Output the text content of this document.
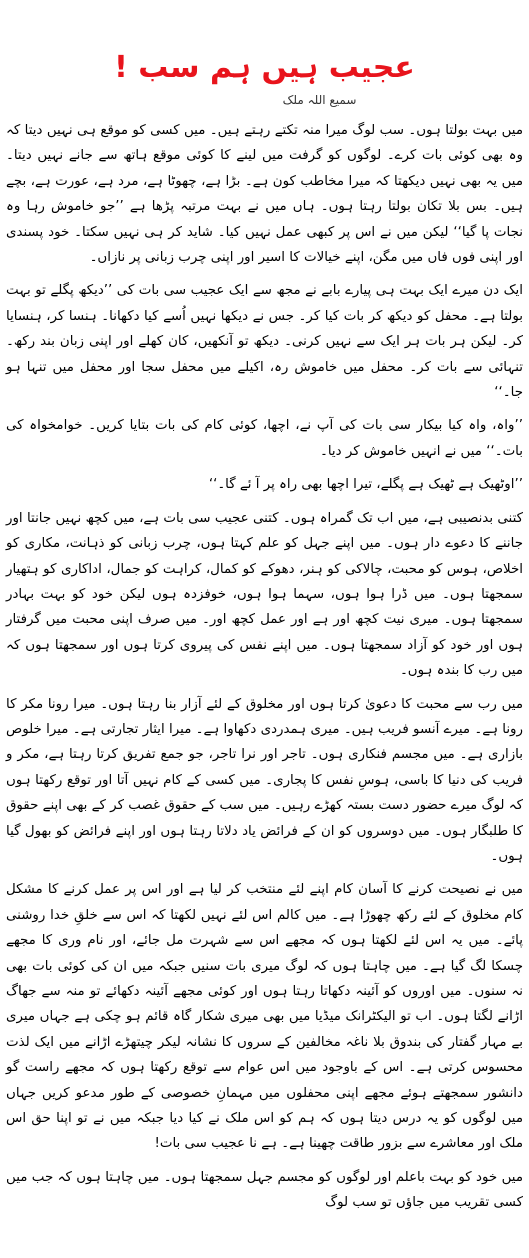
عجیب ہیں ہم سب !
سمیع اللہ ملک

میں بہت بولتا ہوں۔ سب لوگ میرا منہ تکتے رہتے ہیں۔ میں کسی کو موقع ہی نہیں دیتا کہ وہ بھی کوئی بات کرے۔ لوگوں کو گرفت میں لینے کا کوئی موقع ہاتھ سے جانے نہیں دیتا۔ میں یہ بھی نہیں دیکھتا کہ میرا مخاطب کون ہے۔ بڑا ہے، چھوٹا ہے، مرد ہے، عورت ہے، بچے ہیں۔ بس بلا تکان بولتا رہتا ہوں۔ ہاں میں نے بہت مرتبہ پڑھا ہے ’’جو خاموش رہا وہ نجات پا گیا‘‘ لیکن میں نے اس پر کبھی عمل نہیں کیا۔ شاید کر ہی نہیں سکتا۔ خود پسندی اور اپنی فوں فاں میں مگن، اپنے خیالات کا اسیر اور اپنی چرب زبانی پر نازاں۔

ایک دن میرے ایک بہت ہی پیارے بابے نے مجھ سے ایک عجیب سی بات کی ’’دیکھ پگلے تو بہت بولتا ہے۔ محفل کو دیکھ کر بات کیا کر۔ جس نے دیکھا نہیں اُسے کیا دکھانا۔ ہنسا کر، ہنسایا کر۔ لیکن ہر بات ہر ایک سے نہیں کرنی۔ دیکھ تو آنکھیں، کان کھلے اور اپنی زبان بند رکھ۔ تنہائی سے بات کر۔ محفل میں خاموش رہ، اکیلے میں محفل سجا اور محفل میں تنہا ہو جا۔‘‘

’’واہ، واہ کیا بیکار سی بات کی آپ نے، اچھا، کوئی کام کی بات بتایا کریں۔ خوامخواہ کی بات۔‘‘ میں نے انہیں خاموش کر دیا۔

’’اوٹھیک ہے ٹھیک ہے پگلے، تیرا اچھا بھی راہ پر آ ئے گا۔‘‘

کتنی بدنصیبی ہے، میں اب تک گمراہ ہوں۔ کتنی عجیب سی بات ہے، میں کچھ نہیں جانتا اور جاننے کا دعوے دار ہوں۔ میں اپنے جہل کو علم کہتا ہوں، چرب زبانی کو ذہانت، مکاری کو اخلاص، ہوس کو محبت، چالاکی کو ہنر، دھوکے کو کمال، کراہت کو جمال، اداکاری کو ہتھیار سمجھتا ہوں۔ میں ڈرا ہوا ہوں، سہما ہوا ہوں، خوفزدہ ہوں لیکن خود کو بہت بہادر سمجھتا ہوں۔ میری نیت کچھ اور ہے اور عمل کچھ اور۔ میں صرف اپنی محبت میں گرفتار ہوں اور خود کو آزاد سمجھتا ہوں۔ میں اپنے نفس کی پیروی کرتا ہوں اور سمجھتا ہوں کہ میں رب کا بندہ ہوں۔

میں رب سے محبت کا دعویٰ کرتا ہوں اور مخلوق کے لئے آزار بنا رہتا ہوں۔ میرا رونا مکر کا رونا ہے۔ میرے آنسو فریب ہیں۔ میری ہمدردی دکھاوا ہے۔ میرا ایثار تجارتی ہے۔ میرا خلوص بازاری ہے۔ میں مجسم فنکاری ہوں۔ تاجر اور نرا تاجر، جو جمع تفریق کرتا رہتا ہے، مکر و فریب کی دنیا کا باسی، ہوسِ نفس کا پجاری۔ میں کسی کے کام نہیں آتا اور توقع رکھتا ہوں کہ لوگ میرے حضور دست بستہ کھڑے رہیں۔ میں سب کے حقوق غصب کر کے بھی اپنے حقوق کا طلبگار ہوں۔ میں دوسروں کو ان کے فرائض یاد دلاتا رہتا ہوں اور اپنے فرائض کو بھول گیا ہوں۔

میں نے نصیحت کرنے کا آسان کام اپنے لئے منتخب کر لیا ہے اور اس پر عمل کرنے کا مشکل کام مخلوق کے لئے رکھ چھوڑا ہے۔ میں کالم اس لئے نہیں لکھتا کہ اس سے خلقِ خدا روشنی پائے۔ میں یہ اس لئے لکھتا ہوں کہ مجھے اس سے شہرت مل جائے، اور نام وری کا مجھے چسکا لگ گیا ہے۔ میں چاہتا ہوں کہ لوگ میری بات سنیں جبکہ میں ان کی کوئی بات بھی نہ سنوں۔ میں اوروں کو آئینہ دکھاتا رہتا ہوں اور کوئی مجھے آئینہ دکھائے تو منہ سے جھاگ اڑانے لگتا ہوں۔ اب تو الیکٹرانک میڈیا میں بھی میری شکار گاہ قائم ہو چکی ہے جہاں میری بے مہار گفتار کی بندوق بلا ناغہ مخالفین کے سروں کا نشانہ لیکر چیتھڑے اڑانے میں ایک لذت محسوس کرتی ہے۔ اس کے باوجود میں اس عوام سے توقع رکھتا ہوں کہ مجھے راست گو دانشور سمجھتے ہوئے مجھے اپنی محفلوں میں مہمانِ خصوصی کے طور مدعو کریں جہاں میں لوگوں کو یہ درس دیتا ہوں کہ ہم کو اس ملک نے کیا دیا جبکہ میں نے تو اپنا حق اس ملک اور معاشرے سے بزور طاقت چھینا ہے۔ ہے نا عجیب سی بات!

میں خود کو بہت باعلم اور لوگوں کو مجسم جہل سمجھتا ہوں۔ میں چاہتا ہوں کہ جب میں کسی تقریب میں جاؤں تو سب لوگ
